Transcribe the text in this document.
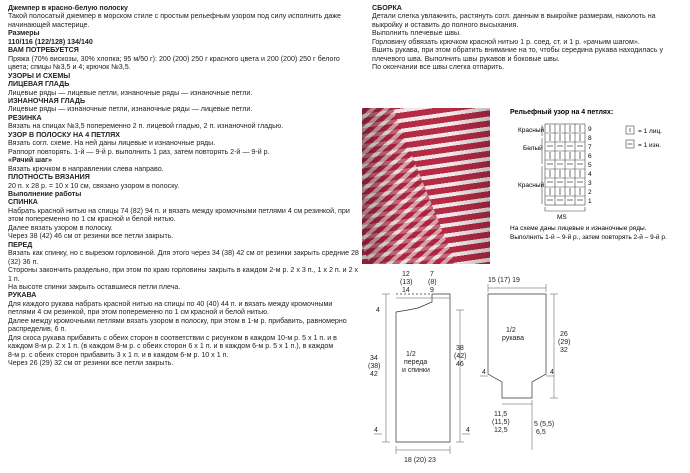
Джемпер в красно-белую полоску

Такой полосатый джемпер в морском стиле с простым рельефным узором под силу исполнить даже начинающей мастерице.

Размеры

110/116 (122/128) 134/140

ВАМ ПОТРЕБУЕТСЯ

Пряжа (70% вискозы, 30% хлопка; 95 м/50 г): 200 (200) 250 г красного цвета и 200 (200) 250 г белого цвета; спицы №3,5 и 4; крючок №3,5.

УЗОРЫ И СХЕМЫ

ЛИЦЕВАЯ ГЛАДЬ

Лицевые ряды — лицевые петли, изнаночные ряды — изнаночные петли.

ИЗНАНОЧНАЯ ГЛАДЬ

Лицевые ряды — изнаночные петли, изнаночные ряды — лицевые петли.

РЕЗИНКА

Вязать на спицах №3,5 попеременно 2 п. лицевой гладью, 2 п. изнаночной гладью.

УЗОР В ПОЛОСКУ НА 4 ПЕТЛЯХ

Вязать согл. схеме. На ней даны лицевые и изнаночные ряды.

Раппорт повторять. 1-й — 9-й р. выполнить 1 раз, затем повторять 2-й — 9-й р.

«Рачий шаг»

Вязать крючком в направлении слева направо.

ПЛОТНОСТЬ ВЯЗАНИЯ

20 п. x 28 р. = 10 x 10 см, связано узором в полоску.

Выполнение работы

СПИНКА

Набрать красной нитью на спицы 74 (82) 94 п. и вязать между кромочными петлями 4 см резинкой, при этом попеременно по 1 см красной и белой нитью.

Далее вязать узором в полоску.

Через 38 (42) 46 см от резинки все петли закрыть.

ПЕРЕД

Вязать как спинку, но с вырезом горловиной. Для этого через 34 (38) 42 см от резинки закрыть средние 28 (32) 36 п.

Стороны закончить раздельно, при этом по краю горловины закрыть в каждом 2-м р. 2 x 3 п., 1 x 2 п. и 2 x 1 п.

На высоте спинки закрыть оставшиеся петли плеча.

РУКАВА

Для каждого рукава набрать красной нитью на спицы по 40 (40) 44 п. и вязать между кромочными петлями 4 см резинкой, при этом попеременно по 1 см красной и белой нитью.

Далее между кромочными петлями вязать узором в полоску, при этом в 1-м р. прибавить, равномерно распределив, 6 п.

Для скоса рукава прибавить с обеих сторон в соответствии с рисунком в каждом 10-м р. 5 x 1 п. и в каждом 8-м р. 2 x 1 п. (в каждом 8-м р. с обеих сторон 6 x 1 п. и в каждом 6-м р. 5 x 1 п.), в каждом

8-м р. с обеих сторон прибавить 3 x 1 п. и в каждом 6-м р. 10 x 1 п.

Через 26 (29) 32 см от резинки все петли закрыть.

СБОРКА

Детали слегка увлажнить, растянуть согл. данным в выкройке размерам, наколоть на выкройку и оставить до полного высыхания.

Выполнить плечевые швы.

Горловину обвязать крючком красной нитью 1 р. соед. ст. и 1 р. «рачьим шагом».

Вшить рукава, при этом обратить внимание на то, чтобы середина рукава находилась у плечевого шва. Выполнить швы рукавов и боковые швы.

По окончании все швы слегка отпарить.

Рельефный узор на 4 петлях:
9
8
7
6
5
4
3
2
1
Красный
Белый
Красный
MS
= 1 лиц.
= 1 изн.
На схеме даны лицевые и изнаночные ряды.
Выполнить 1-й – 9-й р., затем повторять 2-й – 9-й р.
12
(13)
14
7
(8)
9
4
34
(38)
42
1/2
переда
и спинки
38
(42)
46
4	4
18 (20) 23
15 (17) 19
1/2
рукава
26
(29)
32
4	4
11,5
(11,5)
12,5
5 (5,5)
6,5
